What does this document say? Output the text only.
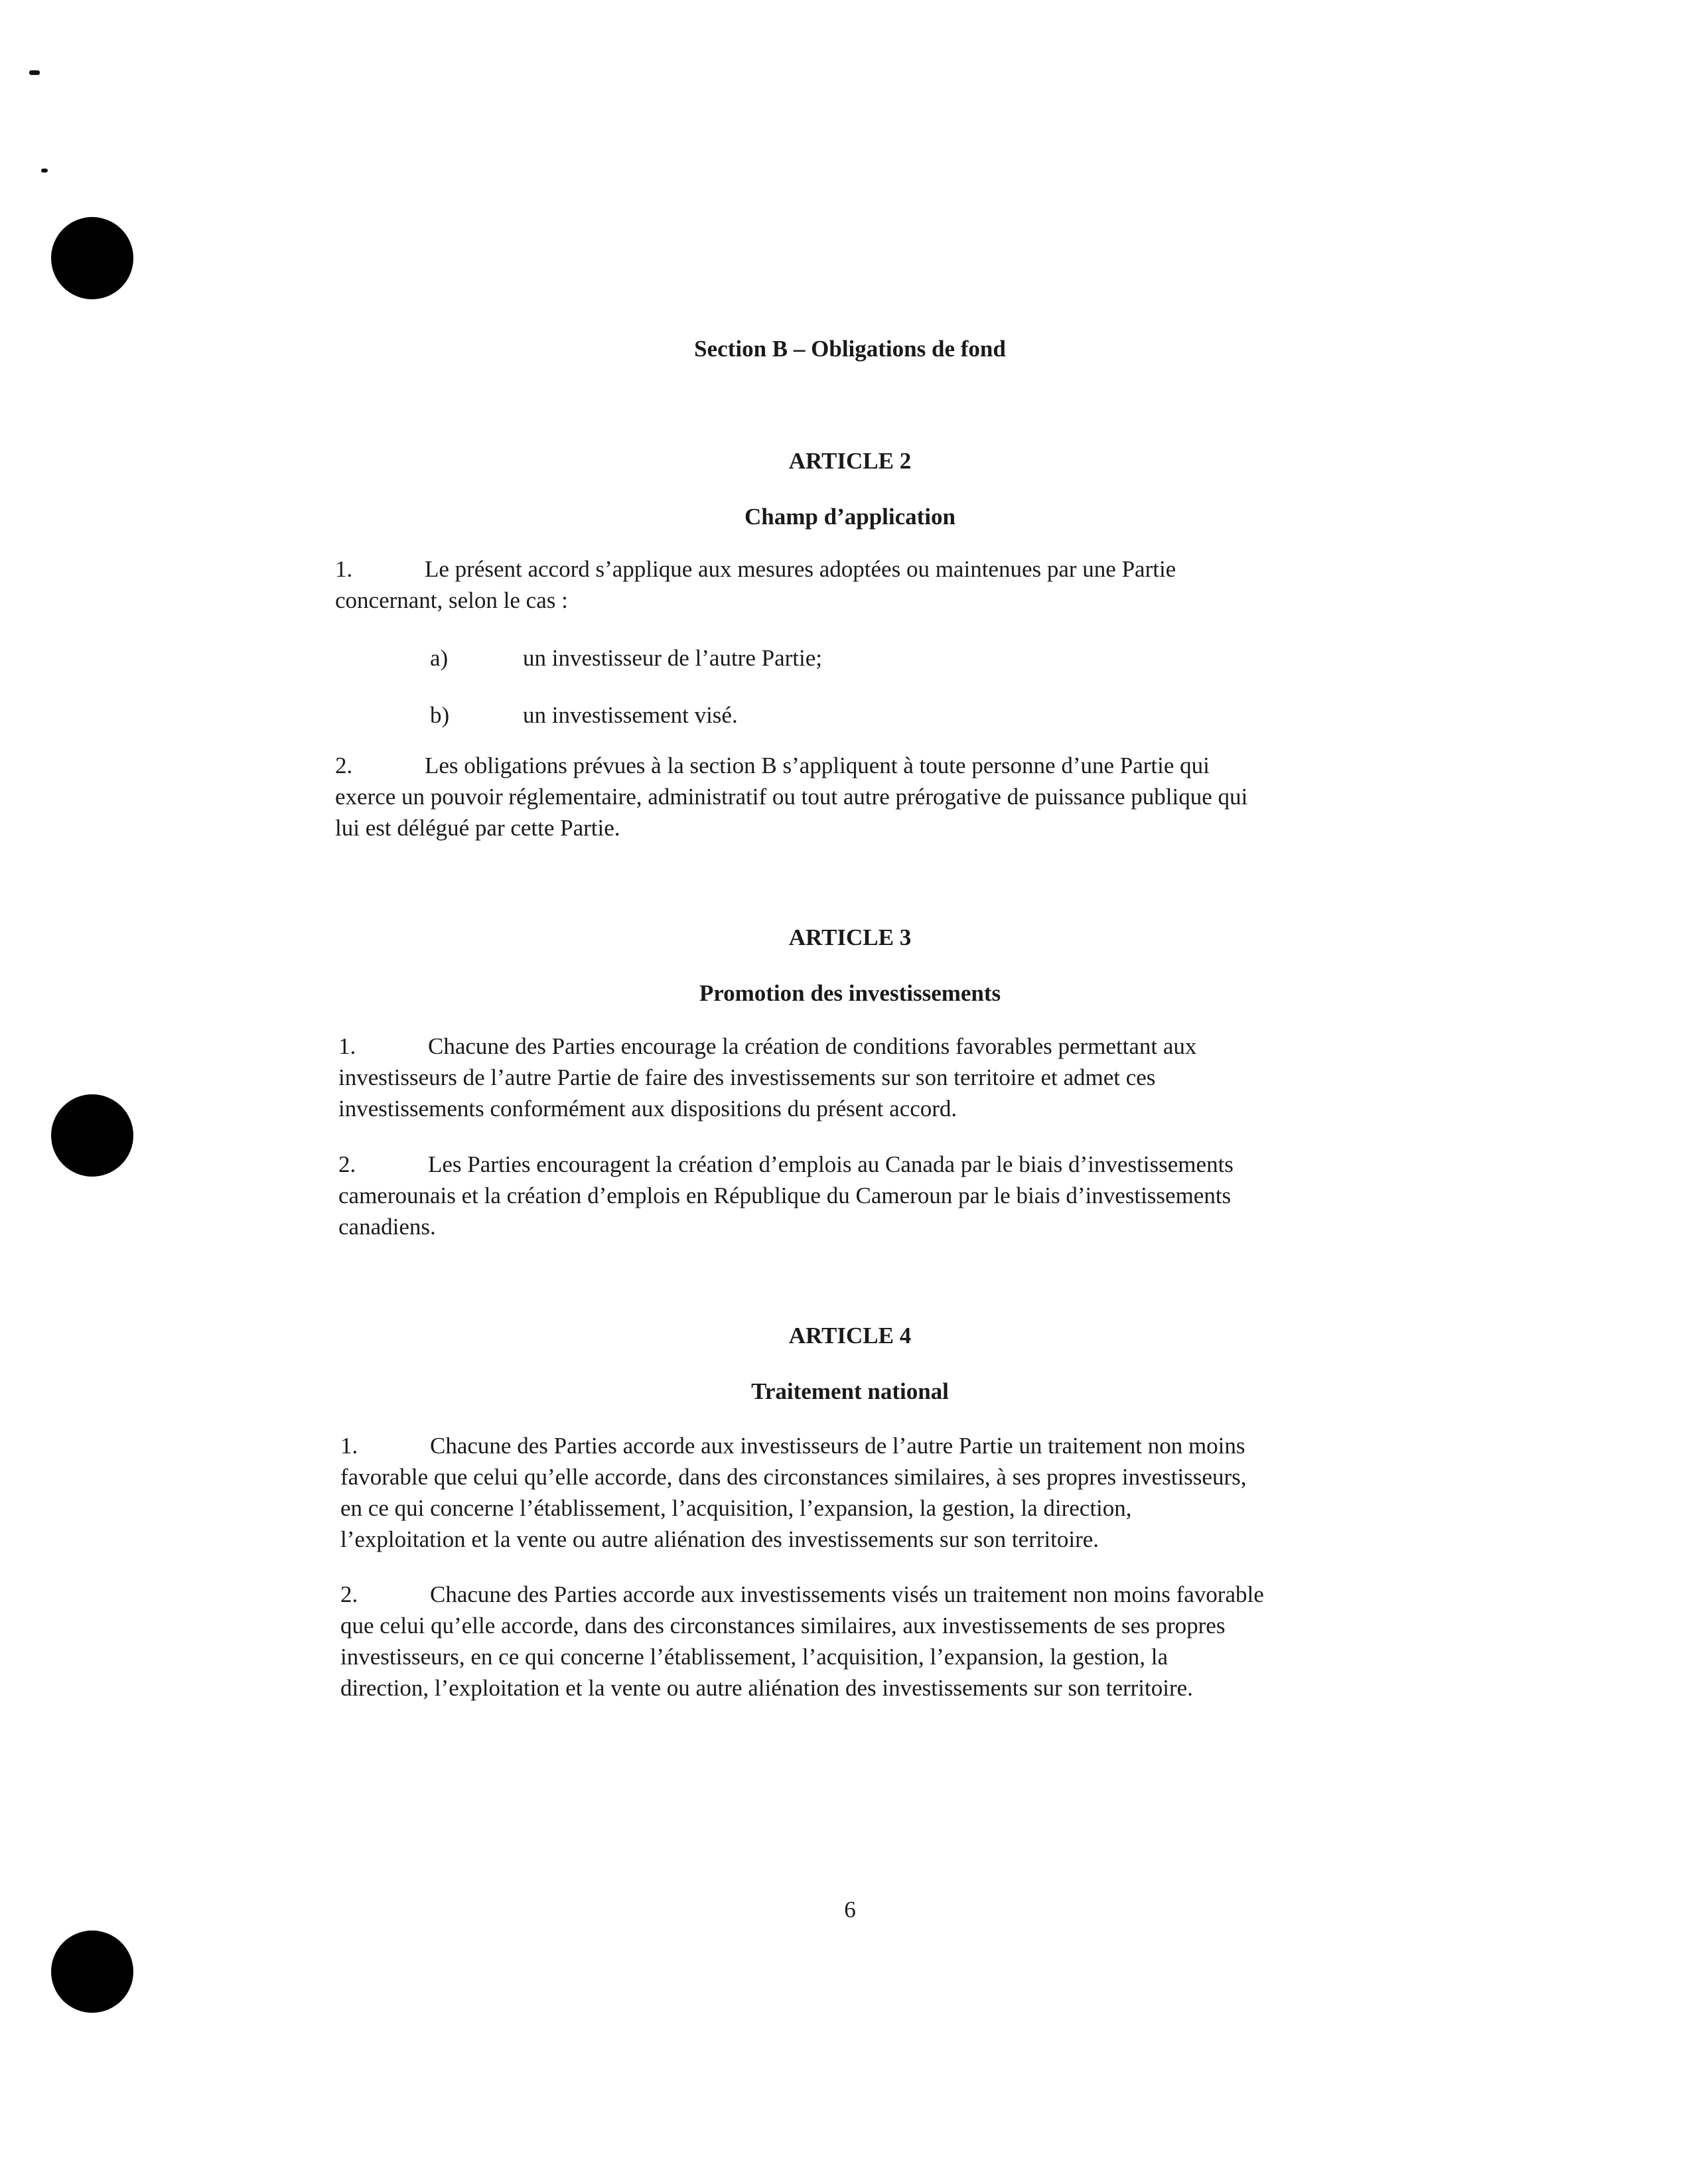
Section B – Obligations de fond
ARTICLE 2
Champ d’application
1.	Le présent accord s’applique aux mesures adoptées ou maintenues par une Partie
concernant, selon le cas :
a)	un investisseur de l’autre Partie;
b)	un investissement visé.
2.	Les obligations prévues à la section B s’appliquent à toute personne d’une Partie qui
exerce un pouvoir réglementaire, administratif ou tout autre prérogative de puissance publique qui
lui est délégué par cette Partie.
ARTICLE 3
Promotion des investissements
1.	Chacune des Parties encourage la création de conditions favorables permettant aux
investisseurs de l’autre Partie de faire des investissements sur son territoire et admet ces
investissements conformément aux dispositions du présent accord.
2.	Les Parties encouragent la création d’emplois au Canada par le biais d’investissements
camerounais et la création d’emplois en République du Cameroun par le biais d’investissements
canadiens.
ARTICLE 4
Traitement national
1.	Chacune des Parties accorde aux investisseurs de l’autre Partie un traitement non moins
favorable que celui qu’elle accorde, dans des circonstances similaires, à ses propres investisseurs,
en ce qui concerne l’établissement, l’acquisition, l’expansion, la gestion, la direction,
l’exploitation et la vente ou autre aliénation des investissements sur son territoire.
2.	Chacune des Parties accorde aux investissements visés un traitement non moins favorable
que celui qu’elle accorde, dans des circonstances similaires, aux investissements de ses propres
investisseurs, en ce qui concerne l’établissement, l’acquisition, l’expansion, la gestion, la
direction, l’exploitation et la vente ou autre aliénation des investissements sur son territoire.
6
